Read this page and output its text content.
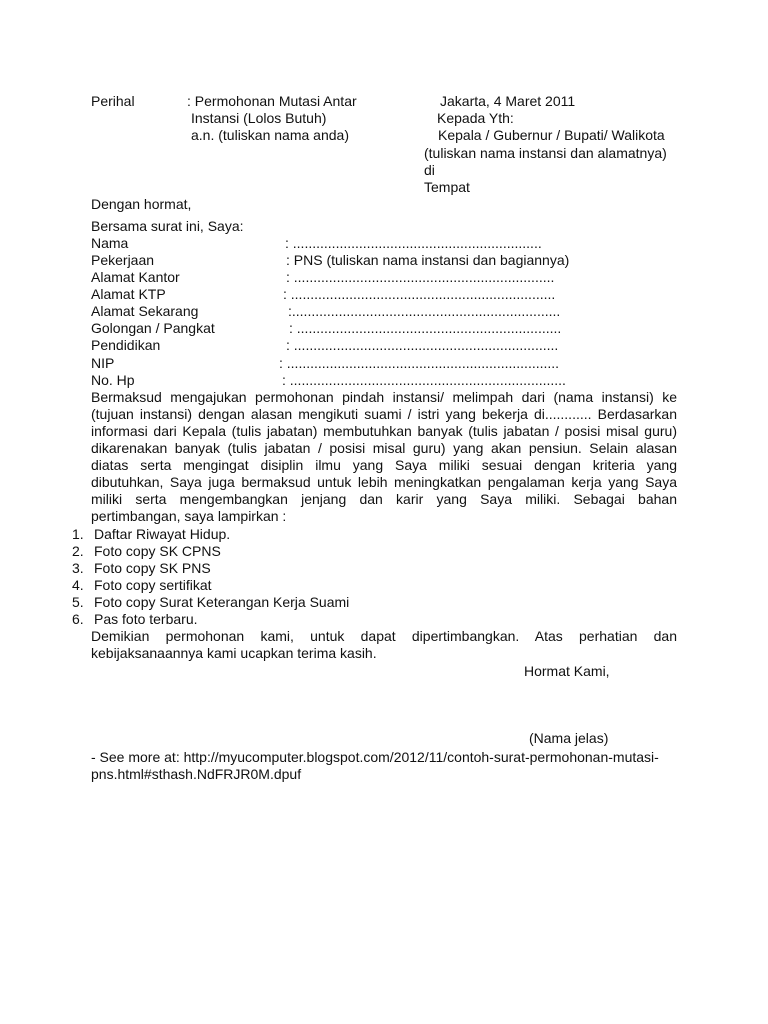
Perihal	: Permohonan Mutasi Antar
Instansi (Lolos Butuh)
a.n. (tuliskan nama anda)
Jakarta, 4 Maret 2011
Kepada Yth:
Kepala / Gubernur / Bupati/ Walikota
(tuliskan nama instansi dan alamatnya)
di
Tempat
Dengan hormat,
Bersama surat ini, Saya:
Nama	: ................................................................
Pekerjaan	: PNS (tuliskan nama instansi dan bagiannya)
Alamat Kantor	: ...................................................................
Alamat KTP	: ....................................................................
Alamat Sekarang	:.....................................................................
Golongan / Pangkat	: ....................................................................
Pendidikan	: ....................................................................
NIP	: ......................................................................
No. Hp	: .......................................................................
Bermaksud mengajukan permohonan pindah instansi/ melimpah dari (nama instansi) ke
(tujuan instansi) dengan alasan mengikuti suami / istri yang bekerja di............ Berdasarkan
informasi dari Kepala (tulis jabatan) membutuhkan banyak (tulis jabatan / posisi misal guru)
dikarenakan banyak (tulis jabatan / posisi misal guru) yang akan pensiun. Selain alasan
diatas serta mengingat disiplin ilmu yang Saya miliki sesuai dengan kriteria yang
dibutuhkan, Saya juga bermaksud untuk lebih meningkatkan pengalaman kerja yang Saya
miliki serta mengembangkan jenjang dan karir yang Saya miliki. Sebagai bahan
pertimbangan, saya lampirkan :
1. Daftar Riwayat Hidup.
2. Foto copy SK CPNS
3. Foto copy SK PNS
4. Foto copy sertifikat
5. Foto copy Surat Keterangan Kerja Suami
6. Pas foto terbaru.
Demikian permohonan kami, untuk dapat dipertimbangkan. Atas perhatian dan
kebijaksanaannya kami ucapkan terima kasih.
Hormat Kami,
(Nama jelas)
- See more at: http://myucomputer.blogspot.com/2012/11/contoh-surat-permohonan-mutasi-
pns.html#sthash.NdFRJR0M.dpuf
